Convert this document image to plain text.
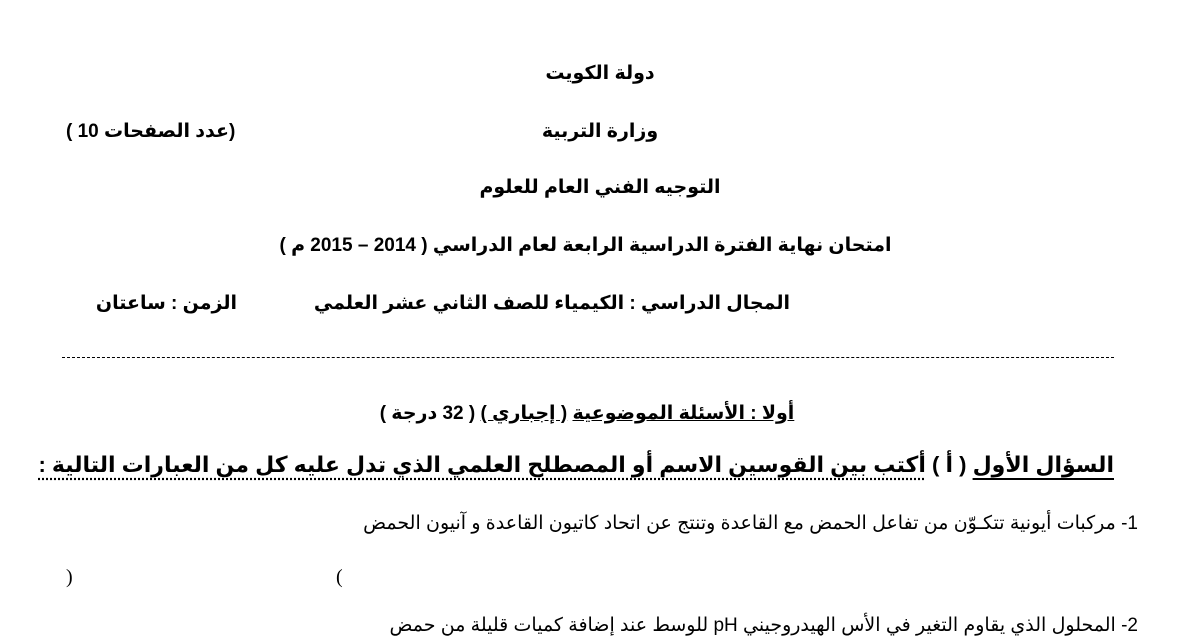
دولة الكويت
وزارة التربية
(عدد الصفحات 10 )
التوجيه الفني العام للعلوم
امتحان نهاية الفترة الدراسية الرابعة لعام الدراسي ( 2014 – 2015 م )
المجال الدراسي : الكيمياء للصف الثاني عشر العلمي
الزمن : ساعتان
أولا : الأسئلة الموضوعية ( إجباري ) ( 32 درجة )
السؤال الأول ( أ ) أكتب بين القوسين الاسم أو المصطلح العلمي الذي تدل عليه كل من العبارات التالية :
1- مركبات أيونية تتكـوّن من تفاعل الحمض مع القاعدة وتنتج عن اتحاد كاتيون القاعدة و آنيون الحمض
(
)
2- المحلول الذي يقاوم التغير في الأس الهيدروجيني pH للوسط عند إضافة كميات قليلة من حمض
